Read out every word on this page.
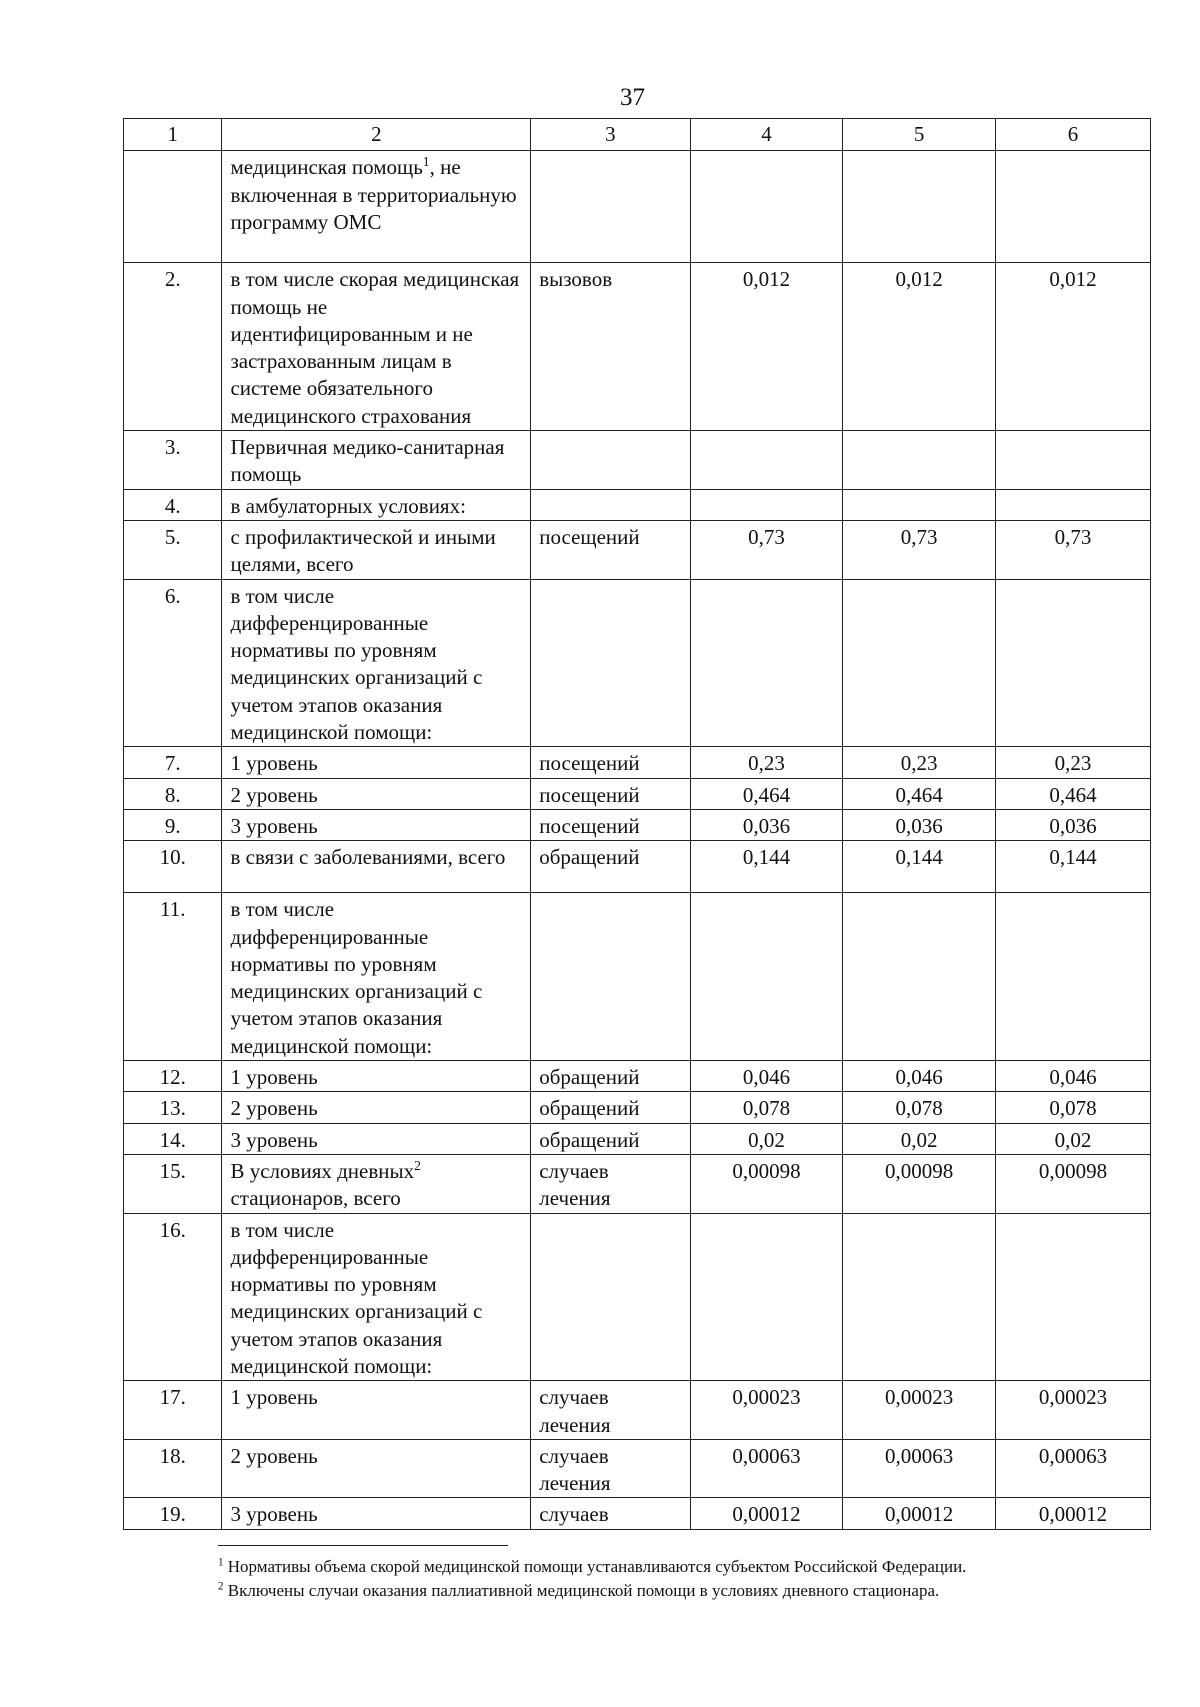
37
1	2	3	4	5	6
	медицинская помощь$^1$, не включенная в территориальную программу ОМС				
2.	в том числе скорая медицинская помощь не идентифицированным и не застрахованным лицам в системе обязательного медицинского страхования	вызовов	0,012	0,012	0,012
3.	Первичная медико-санитарная помощь				
4.	в амбулаторных условиях:				
5.	с профилактической и иными целями, всего	посещений	0,73	0,73	0,73
6.	в том числе дифференцированные нормативы по уровням медицинских организаций с учетом этапов оказания медицинской помощи:				
7.	1 уровень	посещений	0,23	0,23	0,23
8.	2 уровень	посещений	0,464	0,464	0,464
9.	3 уровень	посещений	0,036	0,036	0,036
10.	в связи с заболеваниями, всего	обращений	0,144	0,144	0,144
11.	в том числе дифференцированные нормативы по уровням медицинских организаций с учетом этапов оказания медицинской помощи:				
12.	1 уровень	обращений	0,046	0,046	0,046
13.	2 уровень	обращений	0,078	0,078	0,078
14.	3 уровень	обращений	0,02	0,02	0,02
15.	В условиях дневных$^2$ стационаров, всего	случаев лечения	0,00098	0,00098	0,00098
16.	в том числе дифференцированные нормативы по уровням медицинских организаций с учетом этапов оказания медицинской помощи:				
17.	1 уровень	случаев лечения	0,00023	0,00023	0,00023
18.	2 уровень	случаев лечения	0,00063	0,00063	0,00063
19.	3 уровень	случаев	0,00012	0,00012	0,00012

$^1$ Нормативы объема скорой медицинской помощи устанавливаются субъектом Российской Федерации.

$^2$ Включены случаи оказания паллиативной медицинской помощи в условиях дневного стационара.
